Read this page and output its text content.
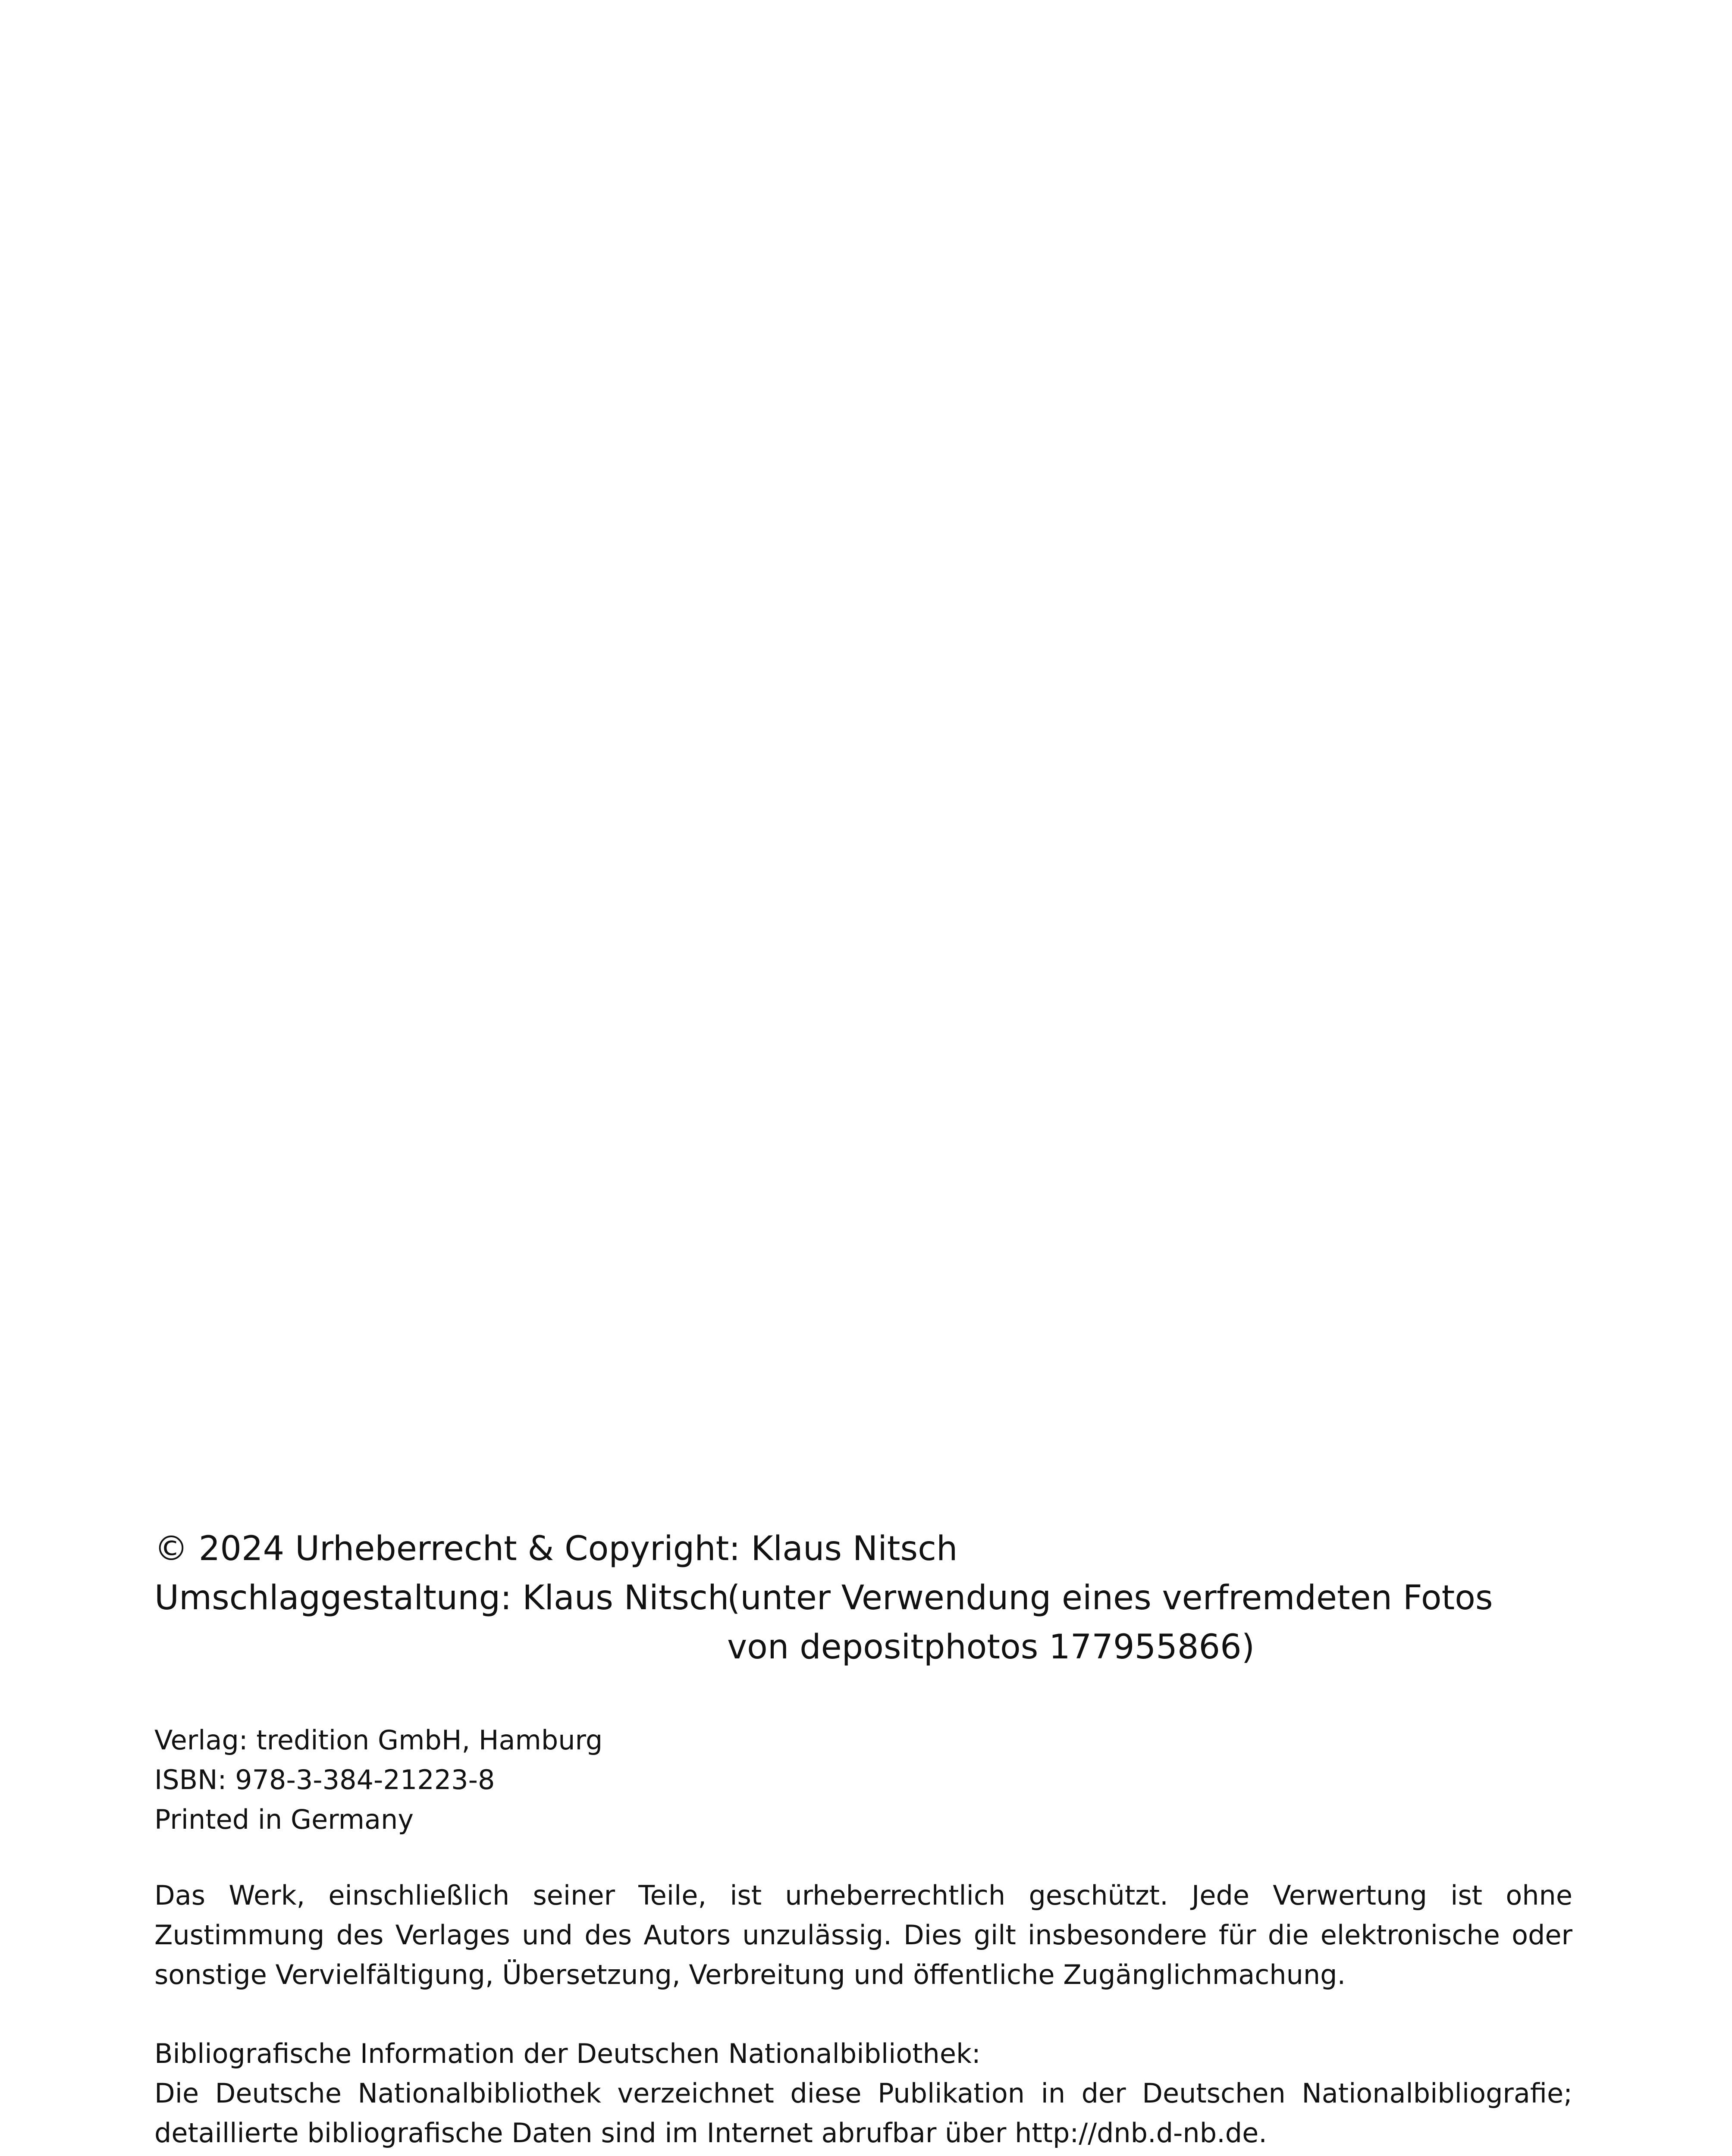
© 2024 Urheberrecht & Copyright: Klaus Nitsch
Umschlaggestaltung: Klaus Nitsch(unter Verwendung eines verfremdeten Fotos
von depositphotos 177955866)
Verlag: tredition GmbH, Hamburg
ISBN: 978-3-384-21223-8
Printed in Germany
Das Werk, einschließlich seiner Teile, ist urheberrechtlich geschützt. Jede Verwertung ist ohne Zustimmung des Verlages und des Autors unzulässig. Dies gilt insbesondere für die elektronische oder sonstige Vervielfältigung, Übersetzung, Verbreitung und öffentliche Zugänglichmachung.
Bibliografische Information der Deutschen Nationalbibliothek:
Die Deutsche Nationalbibliothek verzeichnet diese Publikation in der Deutschen Nationalbibliografie; detaillierte bibliografische Daten sind im Internet abrufbar über http://dnb.d-nb.de.
